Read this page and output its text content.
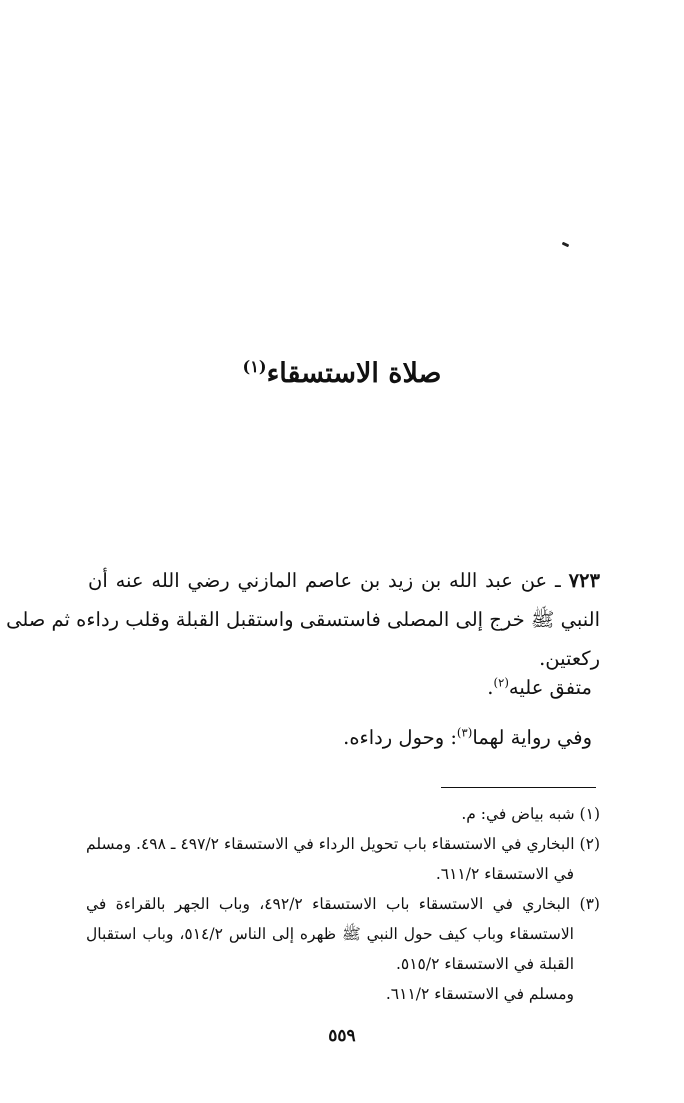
صلاة الاستسقاء$^{(١)}$
٧٢٣ ـ عن عبد الله بن زيد بن عاصم المازني رضي الله عنه أن
النبي ﷺ خرج إلى المصلى فاستسقى واستقبل القبلة وقلب رداءه ثم صلى
ركعتين.
متفق عليه$^{(٢)}$.
وفي رواية لهما$^{(٣)}$: وحول رداءه.
(١) شبه بياض في: م.
(٢) البخاري في الاستسقاء باب تحويل الرداء في الاستسقاء ٤٩٧/٢ ـ ٤٩٨. ومسلم
في الاستسقاء ٦١١/٢.
(٣) البخاري في الاستسقاء باب الاستسقاء ٤٩٢/٢، وباب الجهر بالقراءة في
الاستسقاء وباب كيف حول النبي ﷺ ظهره إلى الناس ٥١٤/٢، وباب استقبال
القبلة في الاستسقاء ٥١٥/٢.
ومسلم في الاستسقاء ٦١١/٢.
٥٥٩
